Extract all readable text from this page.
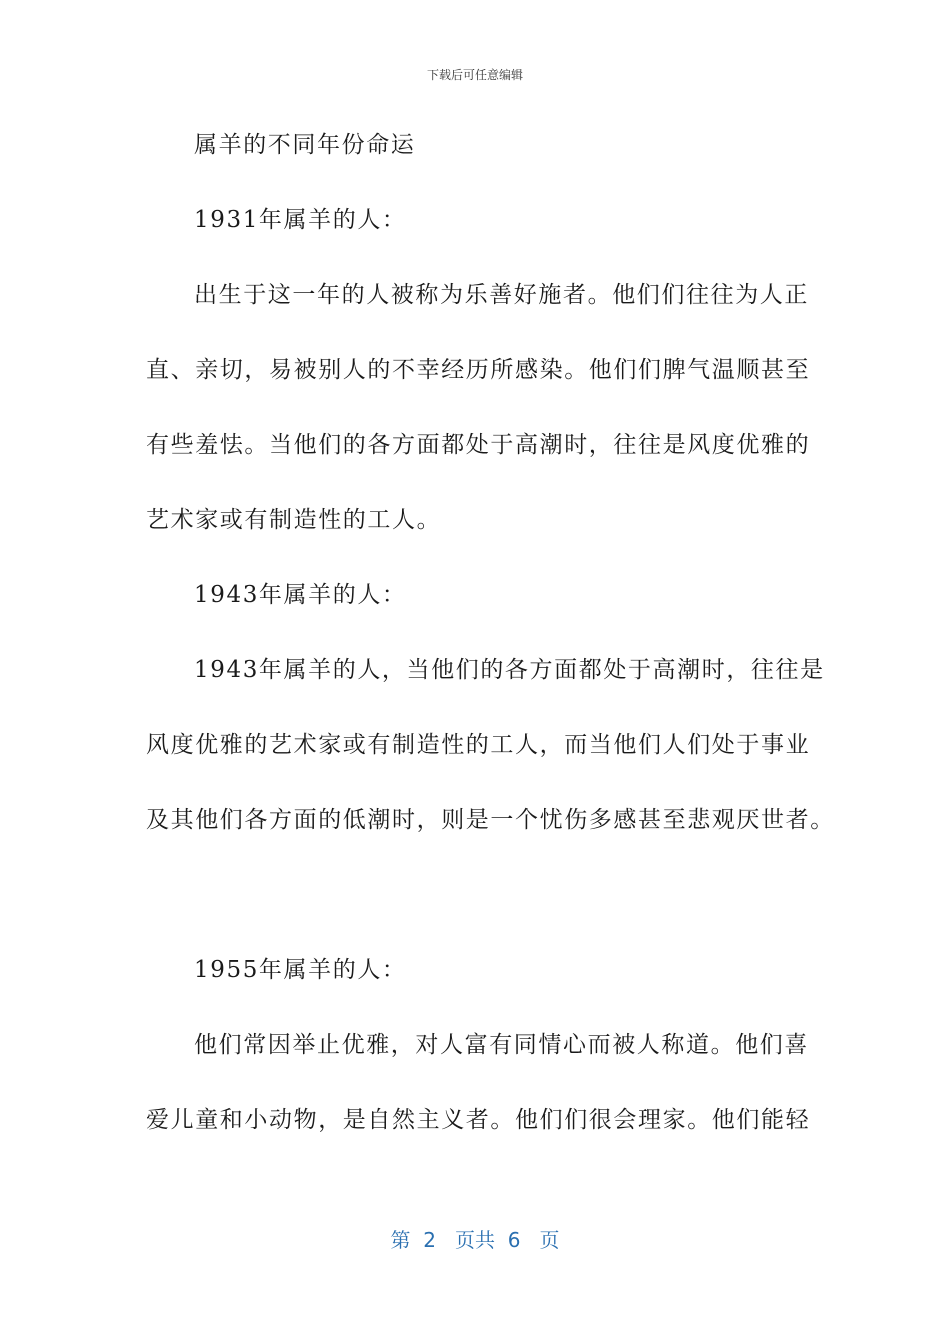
下载后可任意编辑
属羊的不同年份命运
1931年属羊的人：
出生于这一年的人被称为乐善好施者。他们们往往为人正
直、亲切，易被别人的不幸经历所感染。他们们脾气温顺甚至
有些羞怯。当他们的各方面都处于高潮时，往往是风度优雅的
艺术家或有制造性的工人。
1943年属羊的人：
1943年属羊的人，当他们的各方面都处于高潮时，往往是
风度优雅的艺术家或有制造性的工人，而当他们人们处于事业
及其他们各方面的低潮时，则是一个忧伤多感甚至悲观厌世者。
1955年属羊的人：
他们常因举止优雅，对人富有同情心而被人称道。他们喜
爱儿童和小动物，是自然主义者。他们们很会理家。他们能轻
第  2   页共  6   页
